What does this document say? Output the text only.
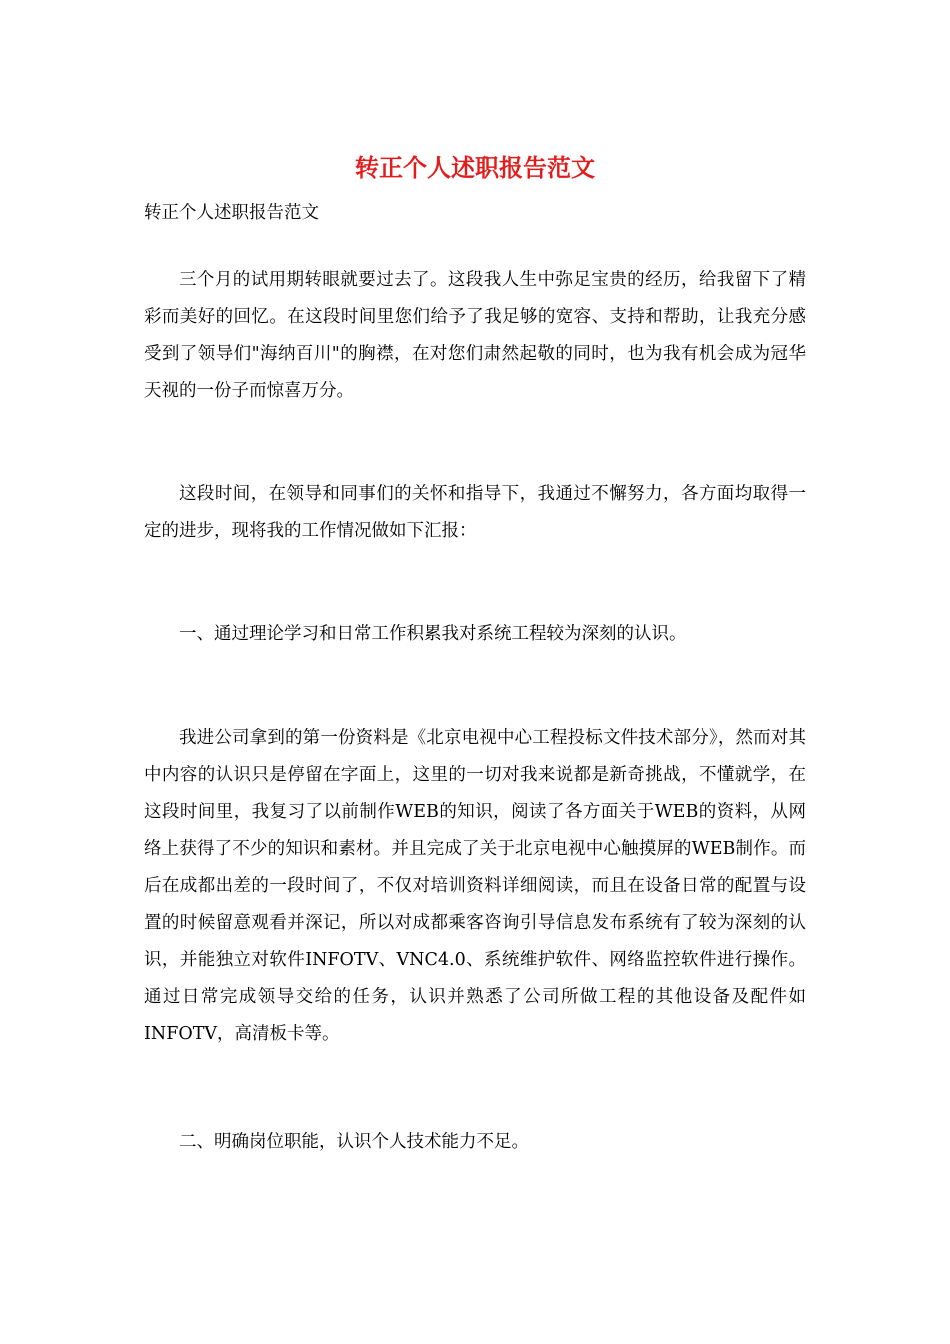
转正个人述职报告范文
转正个人述职报告范文

三个月的试用期转眼就要过去了。这段我人生中弥足宝贵的经历，给我留下了精彩而美好的回忆。在这段时间里您们给予了我足够的宽容、支持和帮助，让我充分感受到了领导们"海纳百川"的胸襟，在对您们肃然起敬的同时，也为我有机会成为冠华天视的一份子而惊喜万分。

这段时间，在领导和同事们的关怀和指导下，我通过不懈努力，各方面均取得一定的进步，现将我的工作情况做如下汇报：

一、通过理论学习和日常工作积累我对系统工程较为深刻的认识。

我进公司拿到的第一份资料是《北京电视中心工程投标文件技术部分》，然而对其中内容的认识只是停留在字面上，这里的一切对我来说都是新奇挑战，不懂就学，在这段时间里，我复习了以前制作WEB的知识，阅读了各方面关于WEB的资料，从网络上获得了不少的知识和素材。并且完成了关于北京电视中心触摸屏的WEB制作。而后在成都出差的一段时间了，不仅对培训资料详细阅读，而且在设备日常的配置与设置的时候留意观看并深记，所以对成都乘客咨询引导信息发布系统有了较为深刻的认识，并能独立对软件INFOTV、VNC4.0、系统维护软件、网络监控软件进行操作。通过日常完成领导交给的任务，认识并熟悉了公司所做工程的其他设备及配件如INFOTV，高清板卡等。

二、明确岗位职能，认识个人技术能力不足。
